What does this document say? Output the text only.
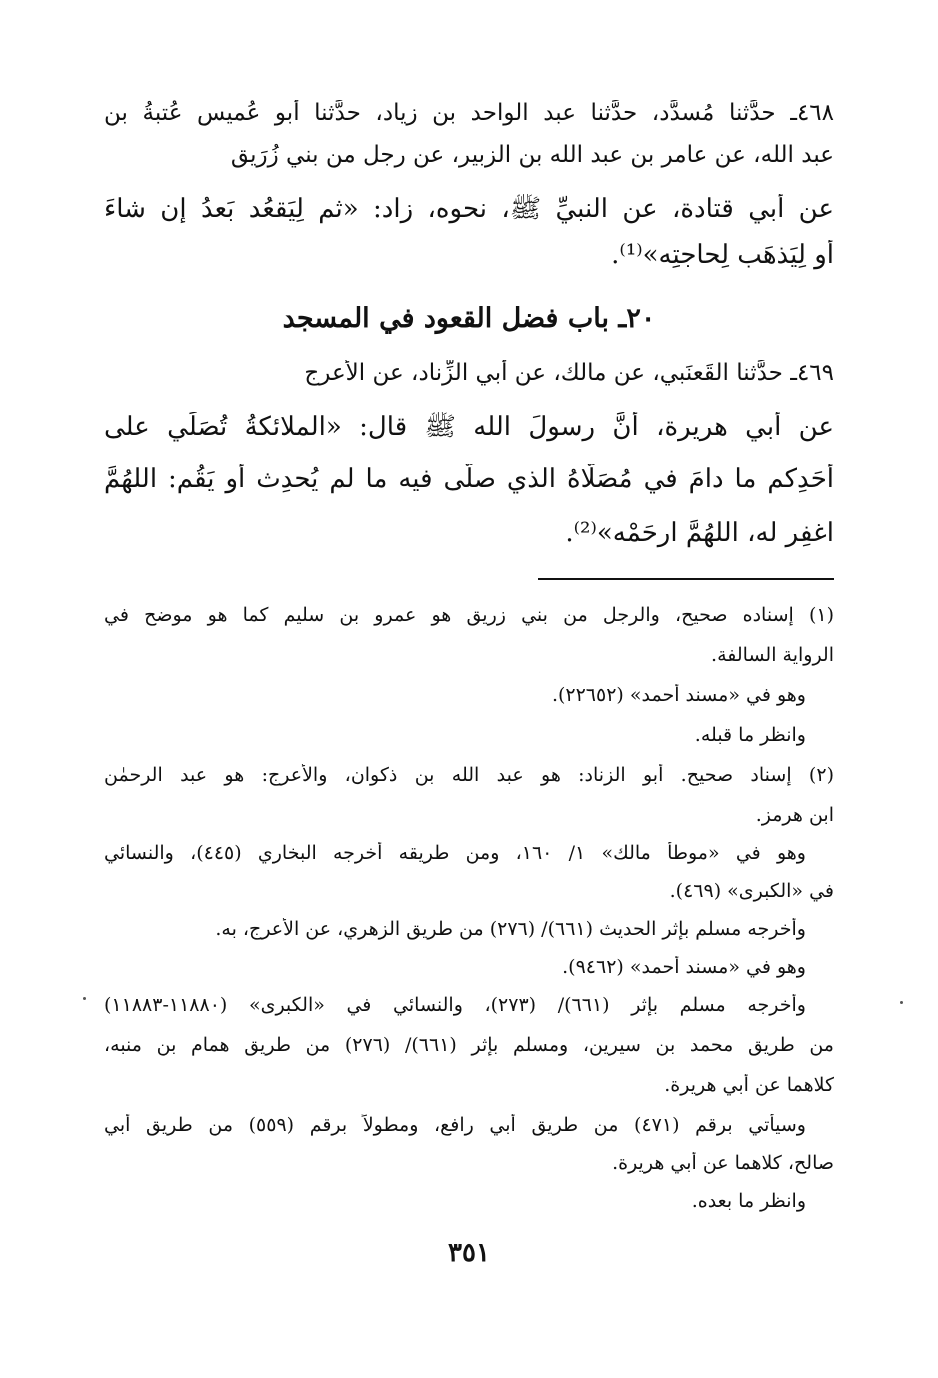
٤٦٨ـ حدَّثنا مُسدَّد، حدَّثنا عبد الواحد بن زياد، حدَّثنا أبو عُميس عُتبةُ بن
عبد الله، عن عامر بن عبد الله بن الزبير، عن رجل من بني زُرَيق
عن أبي قتادة، عن النبيِّ ﷺ، نحوه، زاد: «ثم لِيَقعُد بَعدُ إن شاءَ
أو لِيَذهَب لِحاجتِه»⁽¹⁾.
٢٠ـ باب فضل القعود في المسجد
٤٦٩ـ حدَّثنا القَعنَبي، عن مالك، عن أبي الزِّناد، عن الأعرج
عن أبي هريرة، أنَّ رسولَ الله ﷺ قال: «الملائكةُ تُصَلِّي على
أحَدِكم ما دامَ في مُصَلّاهُ الذي صلَّى فيه ما لم يُحدِث أو يَقُم: اللهُمَّ
اغفِر له، اللهُمَّ ارحَمْه»⁽²⁾.
(١) إسناده صحيح، والرجل من بني زريق هو عمرو بن سليم كما هو موضح في
الرواية السالفة.
وهو في «مسند أحمد» (٢٢٦٥٢).
وانظر ما قبله.
(٢) إسناد صحيح. أبو الزناد: هو عبد الله بن ذكوان، والأعرج: هو عبد الرحمٰن
ابن هرمز.
وهو في «موطأ مالك» ١/ ١٦٠، ومن طريقه أخرجه البخاري (٤٤٥)، والنسائي
في «الكبرى» (٤٦٩).
وأخرجه مسلم بإثر الحديث (٦٦١)/ (٢٧٦) من طريق الزهري، عن الأعرج، به.
وهو في «مسند أحمد» (٩٤٦٢).
وأخرجه مسلم بإثر (٦٦١)/ (٢٧٣)، والنسائي في «الكبرى» (١١٨٨٠-١١٨٨٣)
من طريق محمد بن سيرين، ومسلم بإثر (٦٦١)/ (٢٧٦) من طريق همام بن منبه،
كلاهما عن أبي هريرة.
وسيأتي برقم (٤٧١) من طريق أبي رافع، ومطولاً برقم (٥٥٩) من طريق أبي
صالح، كلاهما عن أبي هريرة.
وانظر ما بعده.
٣٥١
